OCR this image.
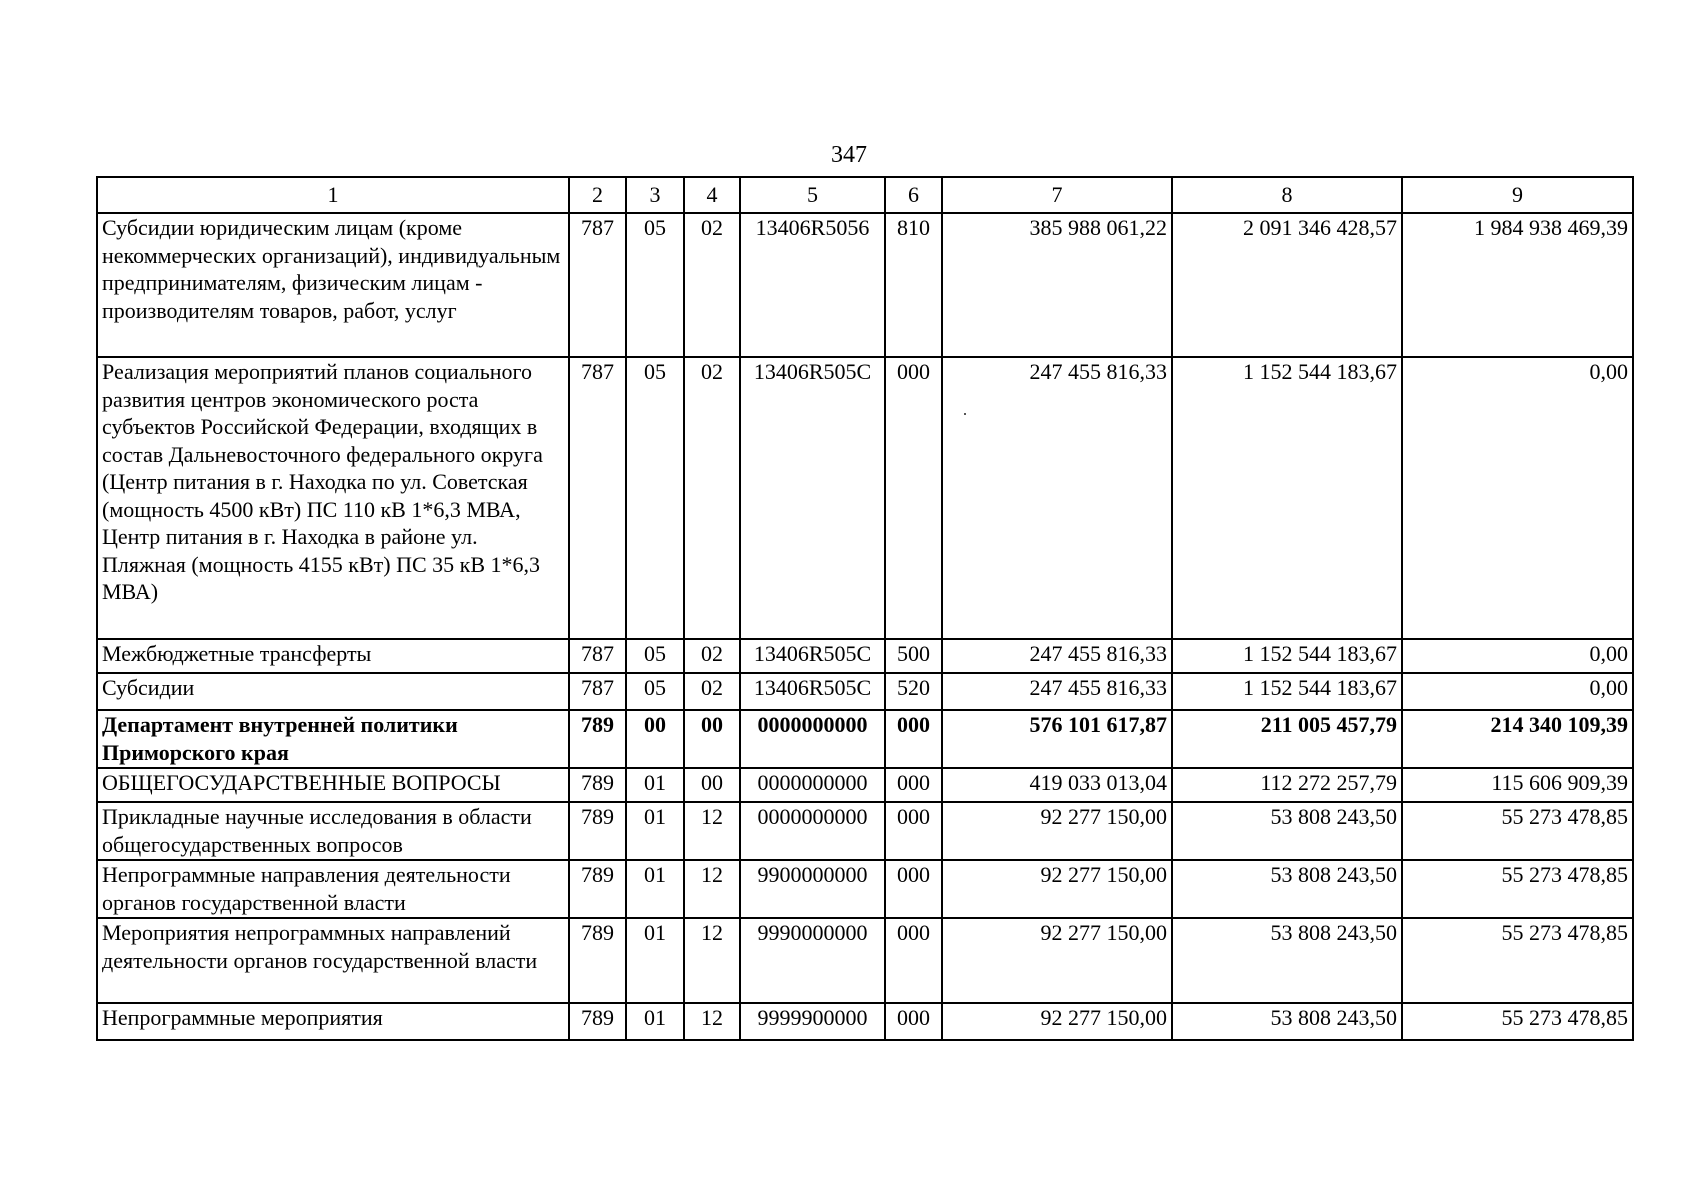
347
1	2	3	4	5	6	7	8	9
Субсидии юридическим лицам (кроме некоммерческих организаций), индивидуальным предпринимателям, физическим лицам - производителям товаров, работ, услуг	787	05	02	13406R5056	810	385 988 061,22	2 091 346 428,57	1 984 938 469,39
Реализация мероприятий планов социального развития центров экономического роста субъектов Российской Федерации, входящих в состав Дальневосточного федерального округа (Центр питания в г. Находка по ул. Советская (мощность 4500 кВт) ПС 110 кВ 1*6,3 МВА, Центр питания в г. Находка в районе ул. Пляжная (мощность 4155 кВт) ПС 35 кВ 1*6,3 МВА)	787	05	02	13406R505С	000	247 455 816,33	1 152 544 183,67	0,00
Межбюджетные трансферты	787	05	02	13406R505С	500	247 455 816,33	1 152 544 183,67	0,00
Субсидии	787	05	02	13406R505С	520	247 455 816,33	1 152 544 183,67	0,00
Департамент внутренней политики Приморского края	789	00	00	0000000000	000	576 101 617,87	211 005 457,79	214 340 109,39
ОБЩЕГОСУДАРСТВЕННЫЕ ВОПРОСЫ	789	01	00	0000000000	000	419 033 013,04	112 272 257,79	115 606 909,39
Прикладные научные исследования в области общегосударственных вопросов	789	01	12	0000000000	000	92 277 150,00	53 808 243,50	55 273 478,85
Непрограммные направления деятельности органов государственной власти	789	01	12	9900000000	000	92 277 150,00	53 808 243,50	55 273 478,85
Мероприятия непрограммных направлений деятельности органов государственной власти	789	01	12	9990000000	000	92 277 150,00	53 808 243,50	55 273 478,85
Непрограммные мероприятия	789	01	12	9999900000	000	92 277 150,00	53 808 243,50	55 273 478,85
